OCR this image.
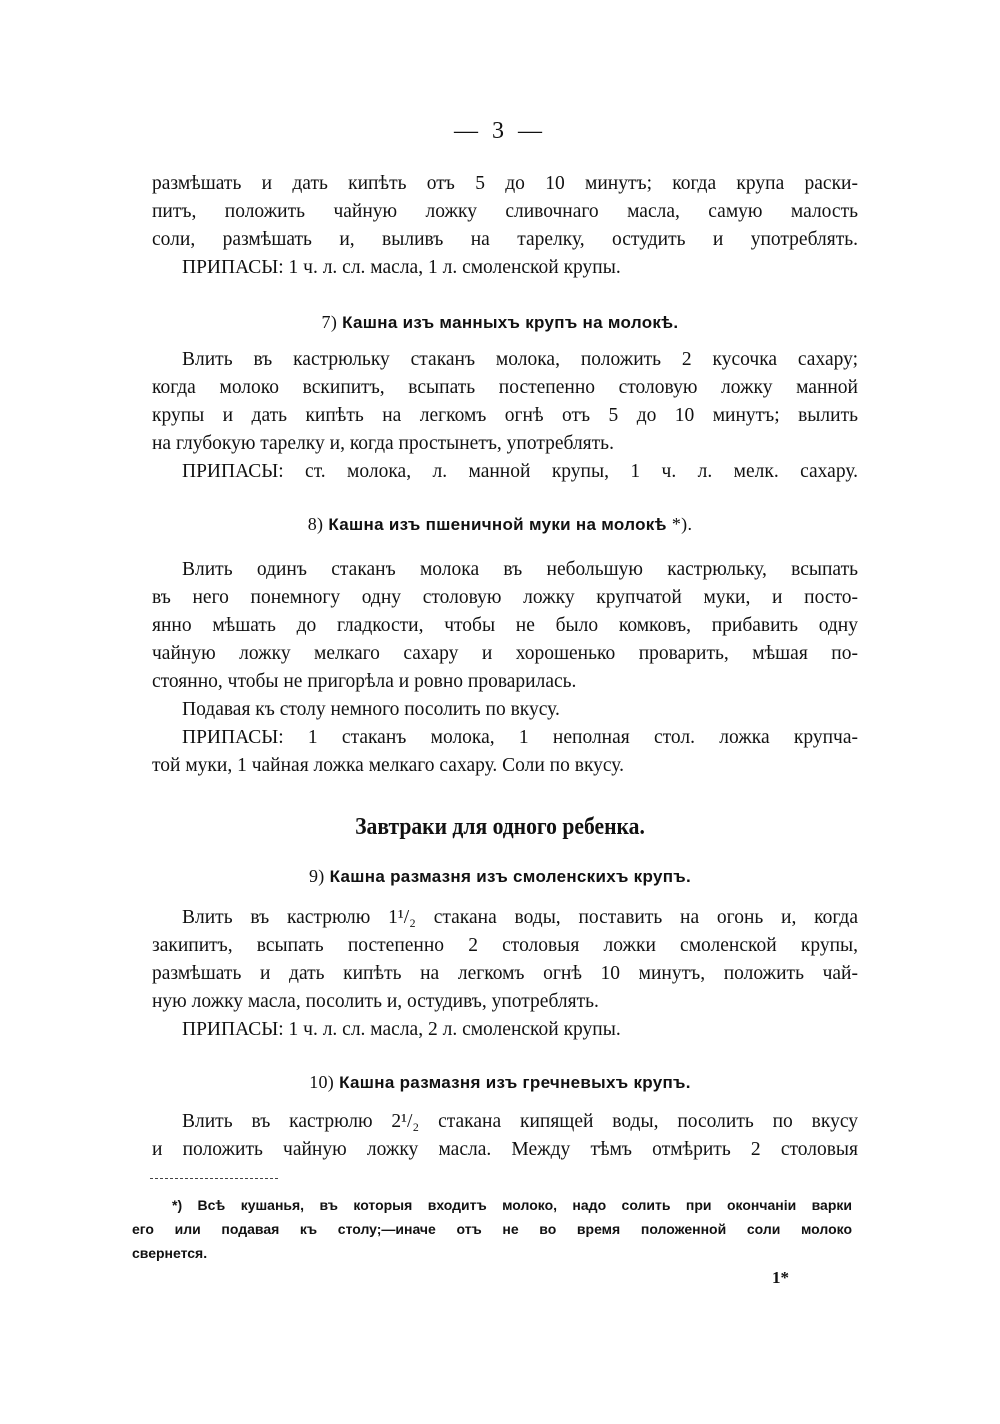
— 3 —
размѣшать и дать кипѣть отъ 5 до 10 минутъ; когда крупа раски-
питъ, положить чайную ложку сливочнаго масла, самую малость
соли, размѣшать и, выливъ на тарелку, остудить и употреблять.
ПРИПАСЫ: 1 ч. л. сл. масла, 1 л. смоленской крупы.
7) Кашна изъ манныхъ крупъ на молокѣ.
Влить въ кастрюльку стаканъ молока, положить 2 кусочка сахару;
когда молоко вскипитъ, всыпать постепенно столовую ложку манной
крупы и дать кипѣть на легкомъ огнѣ отъ 5 до 10 минутъ; вылить
на глубокую тарелку и, когда простынетъ, употреблять.
ПРИПАСЫ: ст. молока, л. манной крупы, 1 ч. л. мелк. сахару.
8) Кашна изъ пшеничной муки на молокѣ *).
Влить одинъ стаканъ молока въ небольшую кастрюльку, всыпать
въ него понемногу одну столовую ложку крупчатой муки, и посто-
янно мѣшать до гладкости, чтобы не было комковъ, прибавить одну
чайную ложку мелкаго сахару и хорошенько проварить, мѣшая по-
стоянно, чтобы не пригорѣла и ровно проварилась.
Подавая къ столу немного посолить по вкусу.
ПРИПАСЫ: 1 стаканъ молока, 1 неполная стол. ложка крупча-
той муки, 1 чайная ложка мелкаго сахару. Соли по вкусу.
Завтраки для одного ребенка.
9) Кашна размазня изъ смоленскихъ крупъ.
Влить въ кастрюлю 1¹/₂ стакана воды, поставить на огонь и, когда
закипитъ, всыпать постепенно 2 столовыя ложки смоленской крупы,
размѣшать и дать кипѣть на легкомъ огнѣ 10 минутъ, положить чай-
ную ложку масла, посолить и, остудивъ, употреблять.
ПРИПАСЫ: 1 ч. л. сл. масла, 2 л. смоленской крупы.
10) Кашна размазня изъ гречневыхъ крупъ.
Влить въ кастрюлю 2¹/₂ стакана кипящей воды, посолить по вкусу
и положить чайную ложку масла. Между тѣмъ отмѣрить 2 столовыя
*) Всѣ кушанья, въ которыя входитъ молоко, надо солить при окончаніи варки
его или подавая къ столу;—иначе отъ не во время положенной соли молоко
свернется.
1*
